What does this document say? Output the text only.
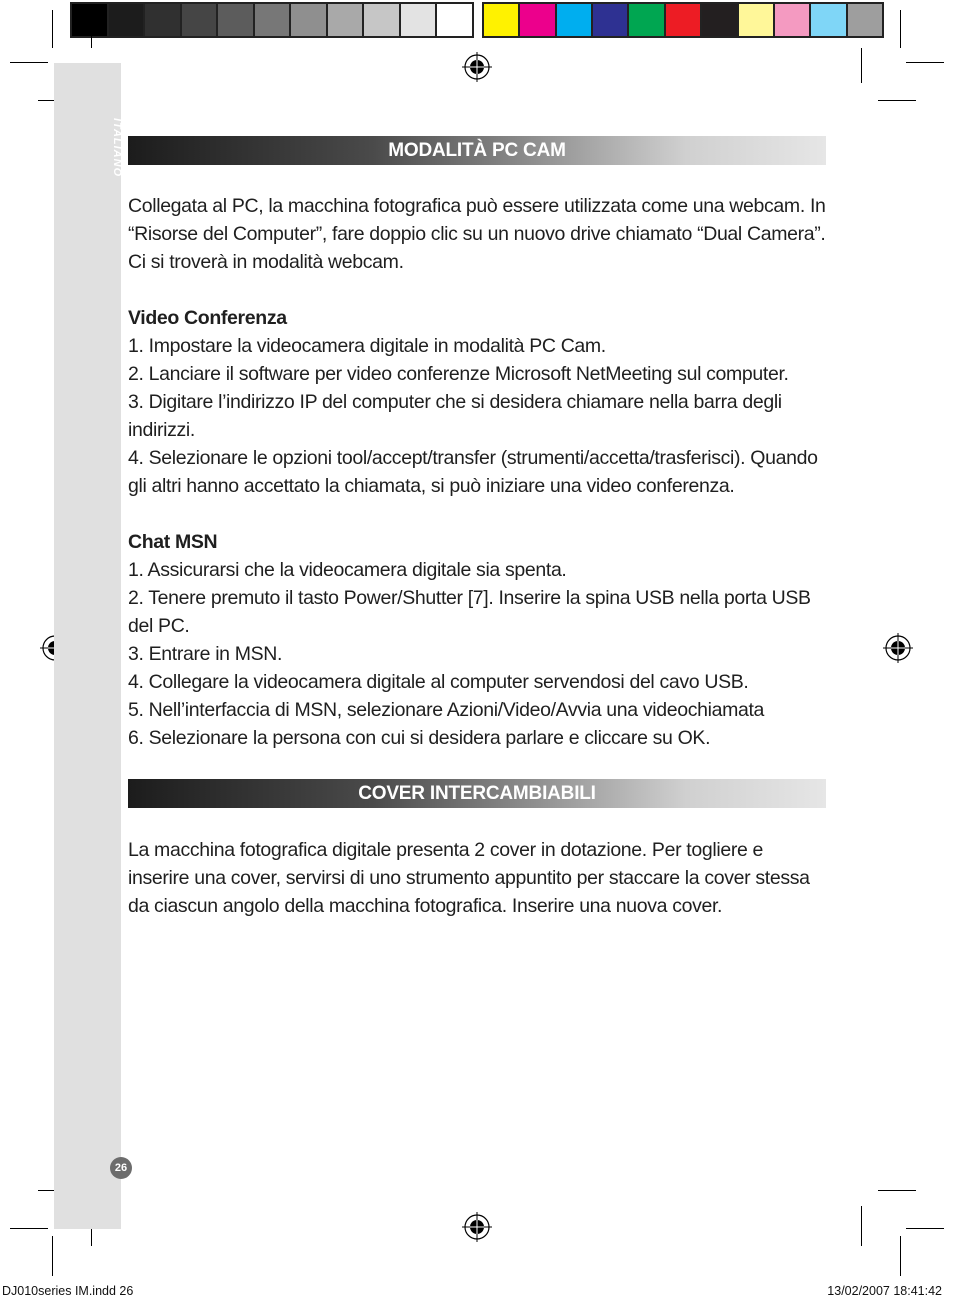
ITALIANO
26
MODALITÀ PC CAM

Collegata al PC, la macchina fotografica può essere utilizzata come una webcam. In “Risorse del Computer”, fare doppio clic su un nuovo drive chiamato “Dual Camera”. Ci si troverà in modalità webcam.

Video Conferenza

1. Impostare la videocamera digitale in modalità PC Cam.

2. Lanciare il software per video conferenze Microsoft NetMeeting sul computer.

3. Digitare l’indirizzo IP del computer che si desidera chiamare nella barra degli indirizzi.

4. Selezionare le opzioni tool/accept/transfer (strumenti/accetta/trasferisci). Quando gli altri hanno accettato la chiamata, si può iniziare una video conferenza.

Chat MSN

1. Assicurarsi che la videocamera digitale sia spenta.

2. Tenere premuto il tasto Power/Shutter [7]. Inserire la spina USB nella porta USB del PC.

3. Entrare in MSN.

4. Collegare la videocamera digitale al computer servendosi del cavo USB.

5. Nell’interfaccia di MSN, selezionare Azioni/Video/Avvia una videochiamata

6. Selezionare la persona con cui si desidera parlare e cliccare su OK.

COVER INTERCAMBIABILI

La macchina fotografica digitale presenta 2 cover in dotazione. Per togliere e inserire una cover, servirsi di uno strumento appuntito per staccare la cover stessa da ciascun angolo della macchina fotografica. Inserire una nuova cover.

DJ010series IM.indd 26	13/02/2007 18:41:42
